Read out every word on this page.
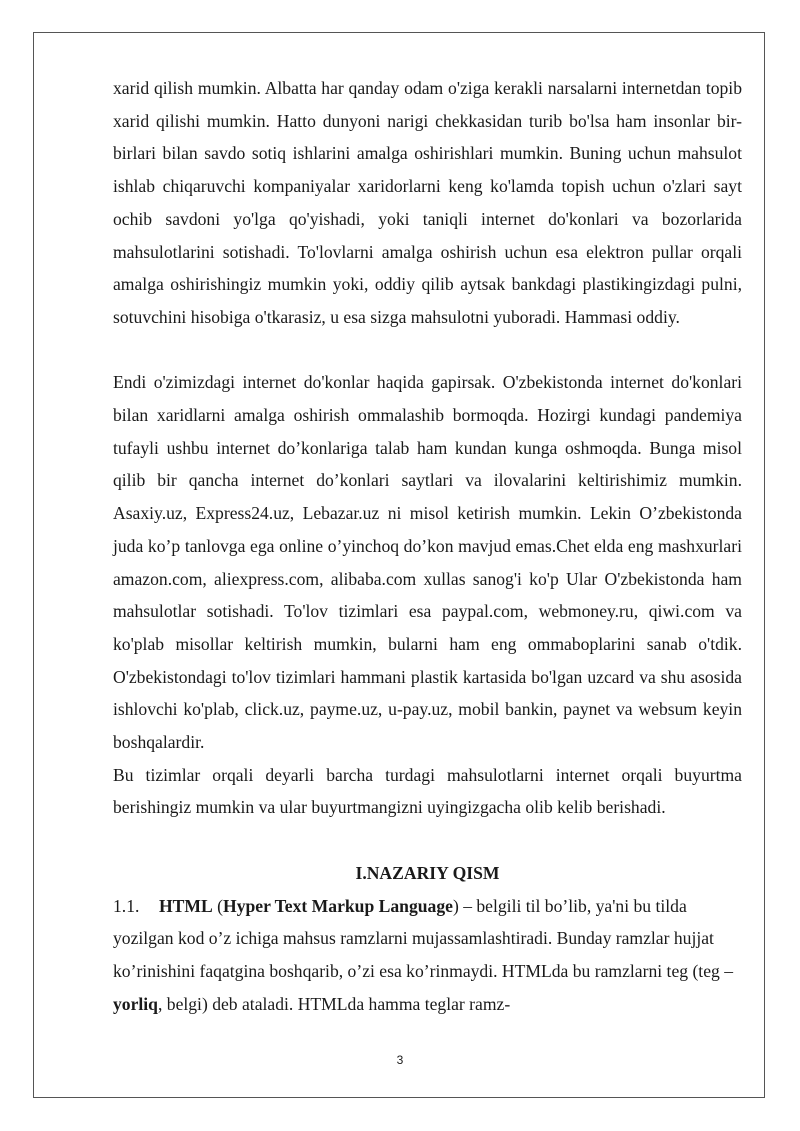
xarid qilish mumkin. Albatta har qanday odam o'ziga kerakli narsalarni internetdan topib xarid qilishi mumkin. Hatto dunyoni narigi chekkasidan turib bo'lsa ham insonlar bir-birlari bilan savdo sotiq ishlarini amalga oshirishlari mumkin. Buning uchun mahsulot ishlab chiqaruvchi kompaniyalar xaridorlarni keng ko'lamda topish uchun o'zlari sayt ochib savdoni yo'lga qo'yishadi, yoki taniqli internet do'konlari va bozorlarida mahsulotlarini sotishadi. To'lovlarni amalga oshirish uchun esa elektron pullar orqali amalga oshirishingiz mumkin yoki, oddiy qilib aytsak bankdagi plastikingizdagi pulni, sotuvchini hisobiga o'tkarasiz, u esa sizga mahsulotni yuboradi. Hammasi oddiy.

Endi o'zimizdagi internet do'konlar haqida gapirsak. O'zbekistonda internet do'konlari bilan xaridlarni amalga oshirish ommalashib bormoqda. Hozirgi kundagi pandemiya tufayli ushbu internet do’konlariga talab ham kundan kunga oshmoqda. Bunga misol qilib bir qancha internet do’konlari saytlari va ilovalarini keltirishimiz mumkin. Asaxiy.uz, Express24.uz, Lebazar.uz ni misol ketirish mumkin. Lekin O’zbekistonda juda ko’p tanlovga ega online o’yinchoq do’kon mavjud emas.Chet elda eng mashxurlari amazon.com, aliexpress.com, alibaba.com xullas sanog'i ko'p Ular O'zbekistonda ham mahsulotlar sotishadi. To'lov tizimlari esa paypal.com, webmoney.ru, qiwi.com va ko'plab misollar keltirish mumkin, bularni ham eng ommaboplarini sanab o'tdik. O'zbekistondagi to'lov tizimlari hammani plastik kartasida bo'lgan uzcard va shu asosida ishlovchi ko'plab, click.uz, payme.uz, u-pay.uz, mobil bankin, paynet va websum keyin boshqalardir.

Bu tizimlar orqali deyarli barcha turdagi mahsulotlarni internet orqali buyurtma berishingiz mumkin va ular buyurtmangizni uyingizgacha olib kelib berishadi.

I.NAZARIY QISM

1.1. HTML (Hyper Text Markup Language) – belgili til bo’lib, ya'ni bu tilda yozilgan kod o’z ichiga mahsus ramzlarni mujassamlashtiradi. Bunday ramzlar hujjat ko’rinishini faqatgina boshqarib, o’zi esa ko’rinmaydi. HTMLda bu ramzlarni teg (teg – yorliq, belgi) deb ataladi. HTMLda hamma teglar ramz-

3
